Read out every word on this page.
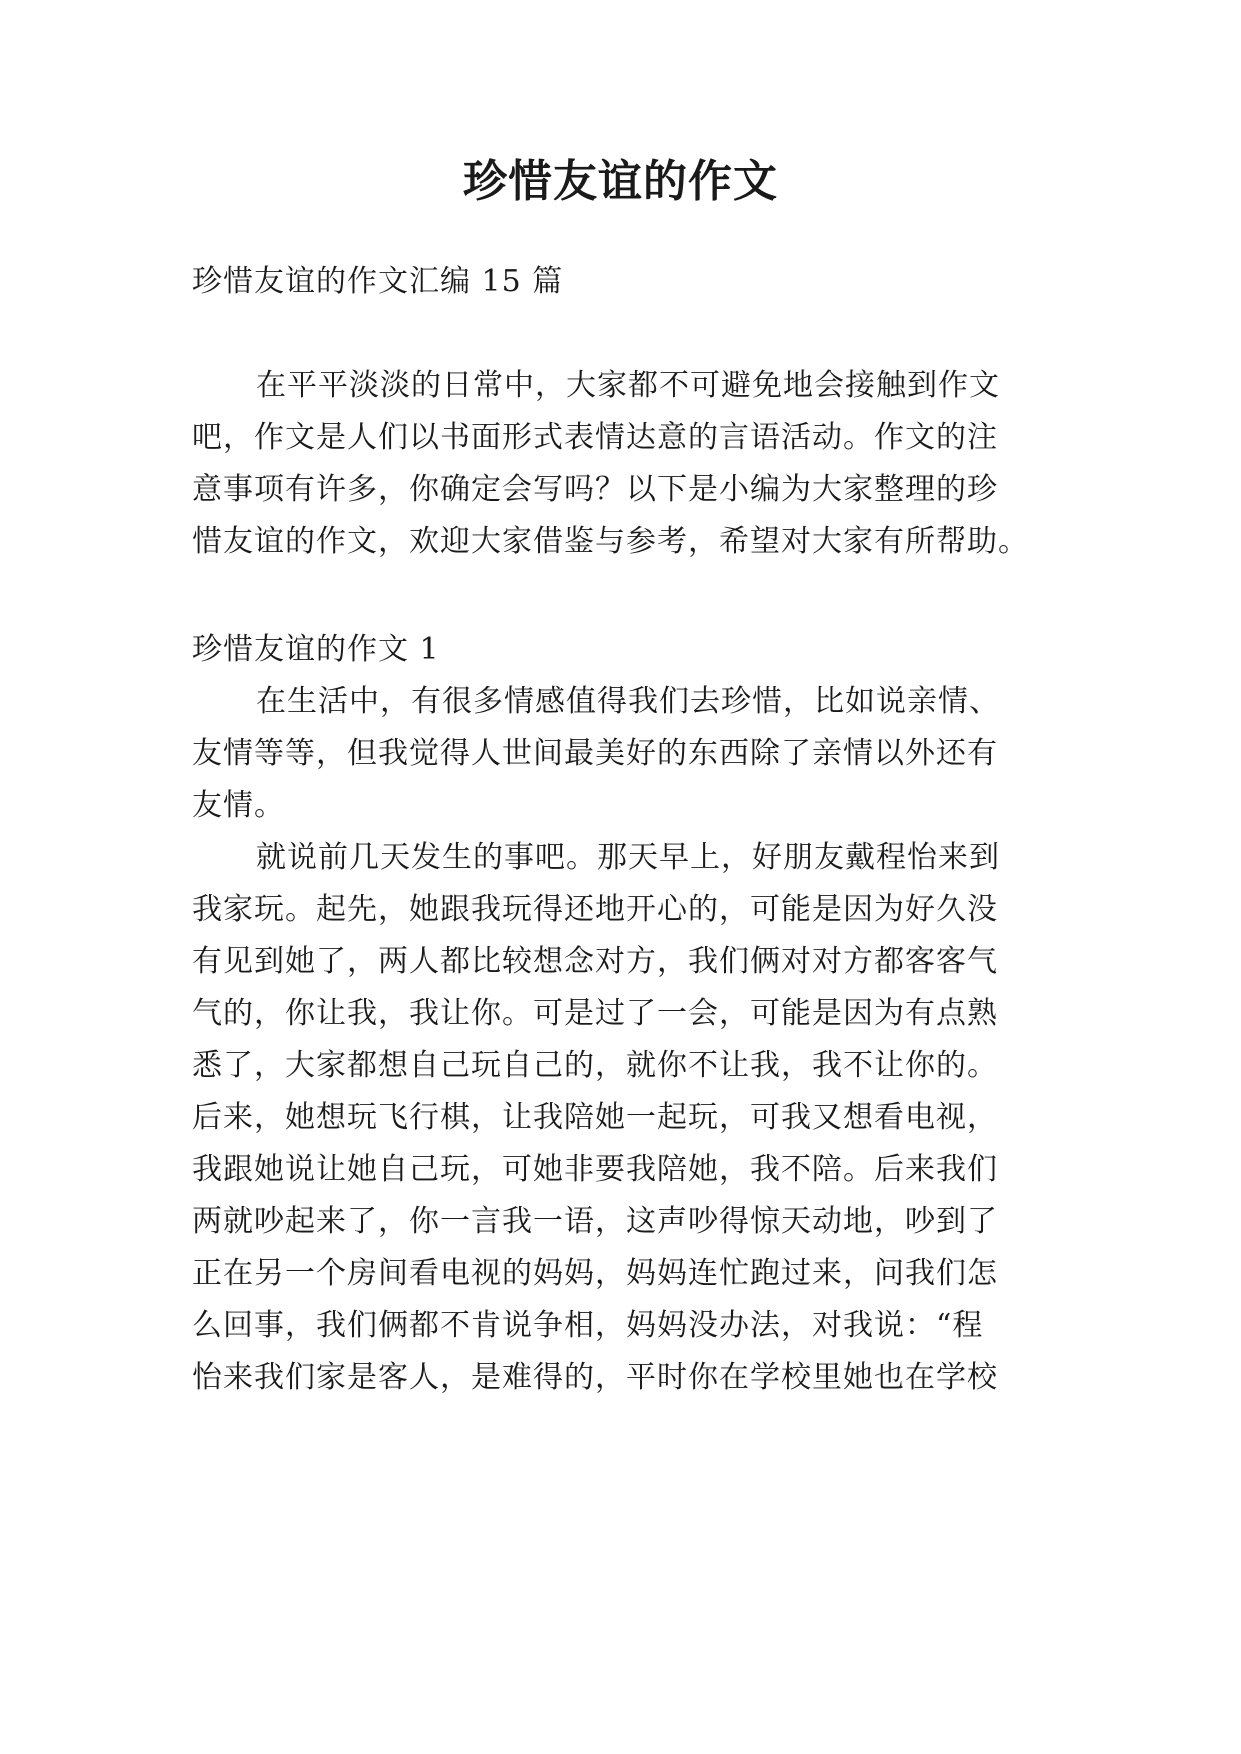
珍惜友谊的作文
珍惜友谊的作文汇编 15 篇
在平平淡淡的日常中，大家都不可避免地会接触到作文
吧，作文是人们以书面形式表情达意的言语活动。作文的注
意事项有许多，你确定会写吗？以下是小编为大家整理的珍
惜友谊的作文，欢迎大家借鉴与参考，希望对大家有所帮助。
珍惜友谊的作文 1
在生活中，有很多情感值得我们去珍惜，比如说亲情、
友情等等，但我觉得人世间最美好的东西除了亲情以外还有
友情。
就说前几天发生的事吧。那天早上，好朋友戴程怡来到
我家玩。起先，她跟我玩得还地开心的，可能是因为好久没
有见到她了，两人都比较想念对方，我们俩对对方都客客气
气的，你让我，我让你。可是过了一会，可能是因为有点熟
悉了，大家都想自己玩自己的，就你不让我，我不让你的。
后来，她想玩飞行棋，让我陪她一起玩，可我又想看电视，
我跟她说让她自己玩，可她非要我陪她，我不陪。后来我们
两就吵起来了，你一言我一语，这声吵得惊天动地，吵到了
正在另一个房间看电视的妈妈，妈妈连忙跑过来，问我们怎
么回事，我们俩都不肯说争相，妈妈没办法，对我说：“程
怡来我们家是客人，是难得的，平时你在学校里她也在学校
